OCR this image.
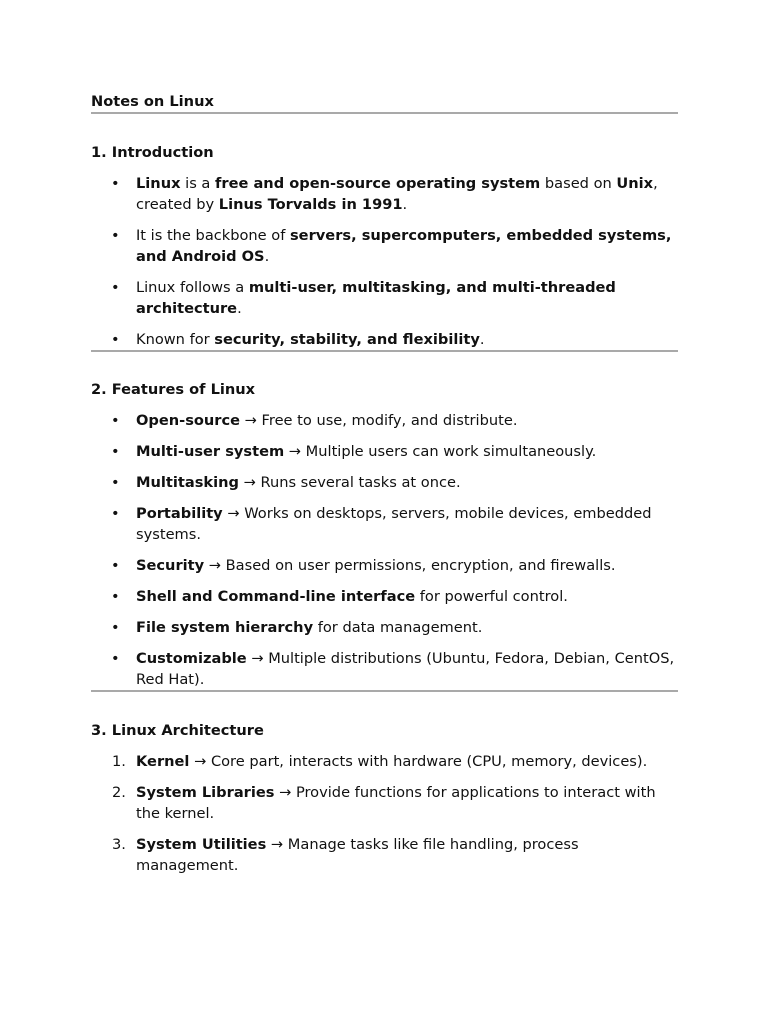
Notes on Linux

1. Introduction

• Linux is a free and open-source operating system based on Unix, created by Linus Torvalds in 1991.
• It is the backbone of servers, supercomputers, embedded systems, and Android OS.
• Linux follows a multi-user, multitasking, and multi-threaded architecture.
• Known for security, stability, and flexibility.

2. Features of Linux

• Open-source → Free to use, modify, and distribute.
• Multi-user system → Multiple users can work simultaneously.
• Multitasking → Runs several tasks at once.
• Portability → Works on desktops, servers, mobile devices, embedded systems.
• Security → Based on user permissions, encryption, and firewalls.
• Shell and Command-line interface for powerful control.
• File system hierarchy for data management.
• Customizable → Multiple distributions (Ubuntu, Fedora, Debian, CentOS, Red Hat).

3. Linux Architecture

1. Kernel → Core part, interacts with hardware (CPU, memory, devices).
2. System Libraries → Provide functions for applications to interact with the kernel.
3. System Utilities → Manage tasks like file handling, process management.
